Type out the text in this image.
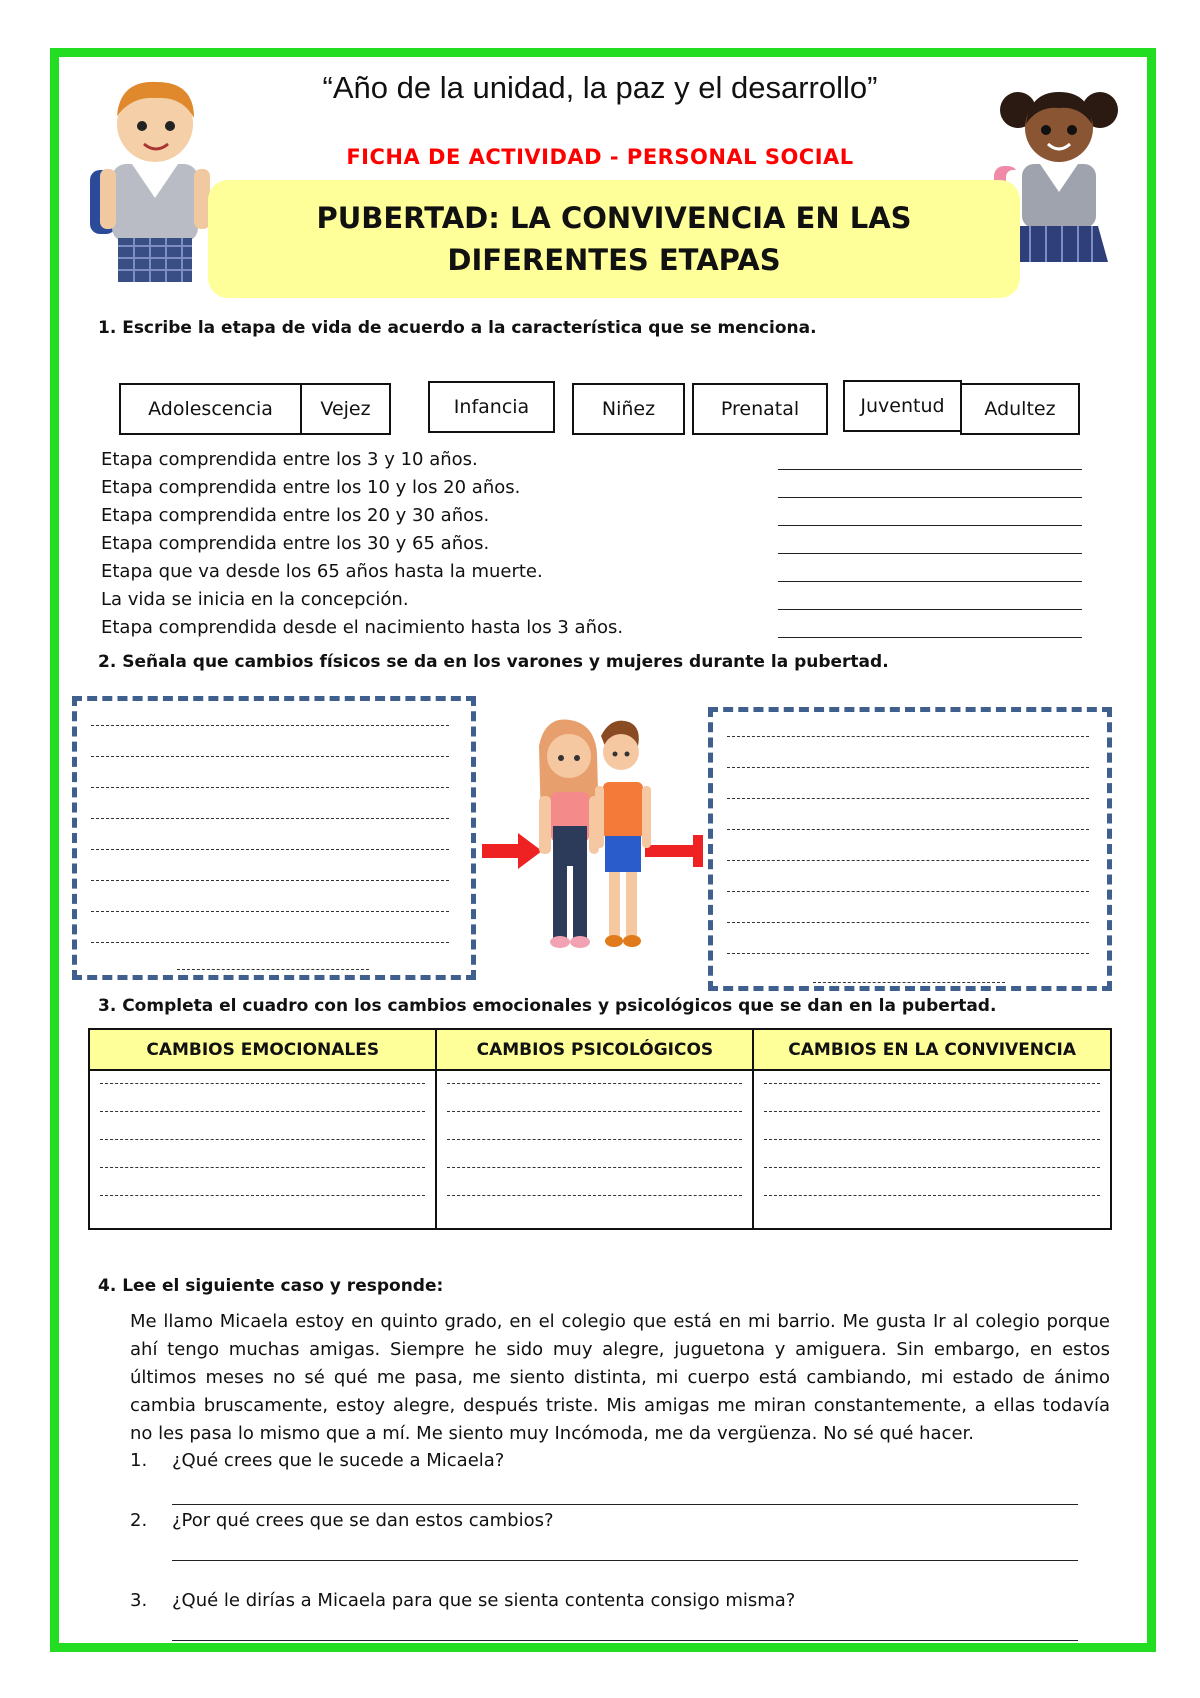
“Año de la unidad, la paz y el desarrollo”
FICHA DE ACTIVIDAD - PERSONAL SOCIAL
PUBERTAD: LA CONVIVENCIA EN LAS DIFERENTES ETAPAS
1. Escribe la etapa de vida de acuerdo a la característica que se menciona.
Adolescencia	Vejez	Infancia	Niñez	Prenatal	Juventud Adultez
Etapa comprendida entre los 3 y 10 años.
Etapa comprendida entre los 10 y los 20 años.
Etapa comprendida entre los 20 y 30 años.
Etapa comprendida entre los 30 y 65 años.
Etapa que va desde los 65 años hasta la muerte.
La vida se inicia en la concepción.
Etapa comprendida desde el nacimiento hasta los 3 años.
2. Señala que cambios físicos se da en los varones y mujeres durante la pubertad.
3. Completa el cuadro con los cambios emocionales y psicológicos que se dan en la pubertad.
CAMBIOS EMOCIONALES	CAMBIOS PSICOLÓGICOS	CAMBIOS EN LA CONVIVENCIA

4. Lee el siguiente caso y responde:
Me llamo Micaela estoy en quinto grado, en el colegio que está en mi barrio. Me gusta Ir al colegio porque ahí tengo muchas amigas. Siempre he sido muy alegre, juguetona y amiguera. Sin embargo, en estos últimos meses no sé qué me pasa, me siento distinta, mi cuerpo está cambiando, mi estado de ánimo cambia bruscamente, estoy alegre, después triste. Mis amigas me miran constantemente, a ellas todavía no les pasa lo mismo que a mí. Me siento muy Incómoda, me da vergüenza. No sé qué hacer.
1. ¿Qué crees que le sucede a Micaela?
2. ¿Por qué crees que se dan estos cambios?
3. ¿Qué le dirías a Micaela para que se sienta contenta consigo misma?
